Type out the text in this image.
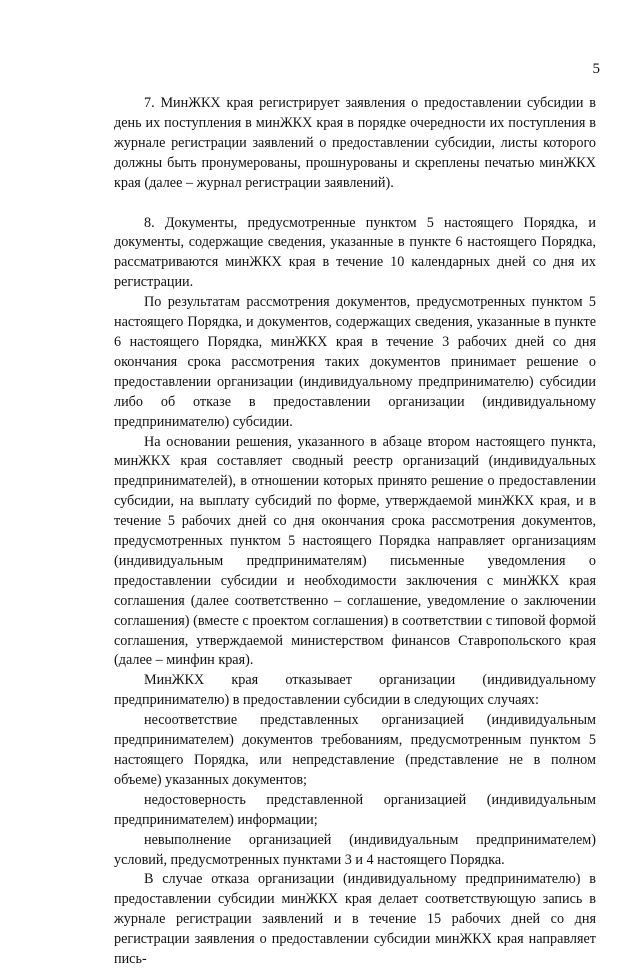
5

7. МинЖКХ края регистрирует заявления о предоставлении субсидии в день их поступления в минЖКХ края в порядке очередности их поступления в журнале регистрации заявлений о предоставлении субсидии, листы которого должны быть пронумерованы, прошнурованы и скреплены печатью минЖКХ края (далее – журнал регистрации заявлений).

8. Документы, предусмотренные пунктом 5 настоящего Порядка, и документы, содержащие сведения, указанные в пункте 6 настоящего Порядка, рассматриваются минЖКХ края в течение 10 календарных дней со дня их регистрации.

По результатам рассмотрения документов, предусмотренных пунктом 5 настоящего Порядка, и документов, содержащих сведения, указанные в пункте 6 настоящего Порядка, минЖКХ края в течение 3 рабочих дней со дня окончания срока рассмотрения таких документов принимает решение о предоставлении организации (индивидуальному предпринимателю) субсидии либо об отказе в предоставлении организации (индивидуальному предпринимателю) субсидии.

На основании решения, указанного в абзаце втором настоящего пункта, минЖКХ края составляет сводный реестр организаций (индивидуальных предпринимателей), в отношении которых принято решение о предоставлении субсидии, на выплату субсидий по форме, утверждаемой минЖКХ края, и в течение 5 рабочих дней со дня окончания срока рассмотрения документов, предусмотренных пунктом 5 настоящего Порядка направляет организациям (индивидуальным предпринимателям) письменные уведомления о предоставлении субсидии и необходимости заключения с минЖКХ края соглашения (далее соответственно – соглашение, уведомление о заключении соглашения) (вместе с проектом соглашения) в соответствии с типовой формой соглашения, утверждаемой министерством финансов Ставропольского края (далее – минфин края).

МинЖКХ края отказывает организации (индивидуальному предпринимателю) в предоставлении субсидии в следующих случаях:

несоответствие представленных организацией (индивидуальным предпринимателем) документов требованиям, предусмотренным пунктом 5 настоящего Порядка, или непредставление (представление не в полном объеме) указанных документов;

недостоверность представленной организацией (индивидуальным предпринимателем) информации;

невыполнение организацией (индивидуальным предпринимателем) условий, предусмотренных пунктами 3 и 4 настоящего Порядка.

В случае отказа организации (индивидуальному предпринимателю) в предоставлении субсидии минЖКХ края делает соответствующую запись в журнале регистрации заявлений и в течение 15 рабочих дней со дня регистрации заявления о предоставлении субсидии минЖКХ края направляет пись-
